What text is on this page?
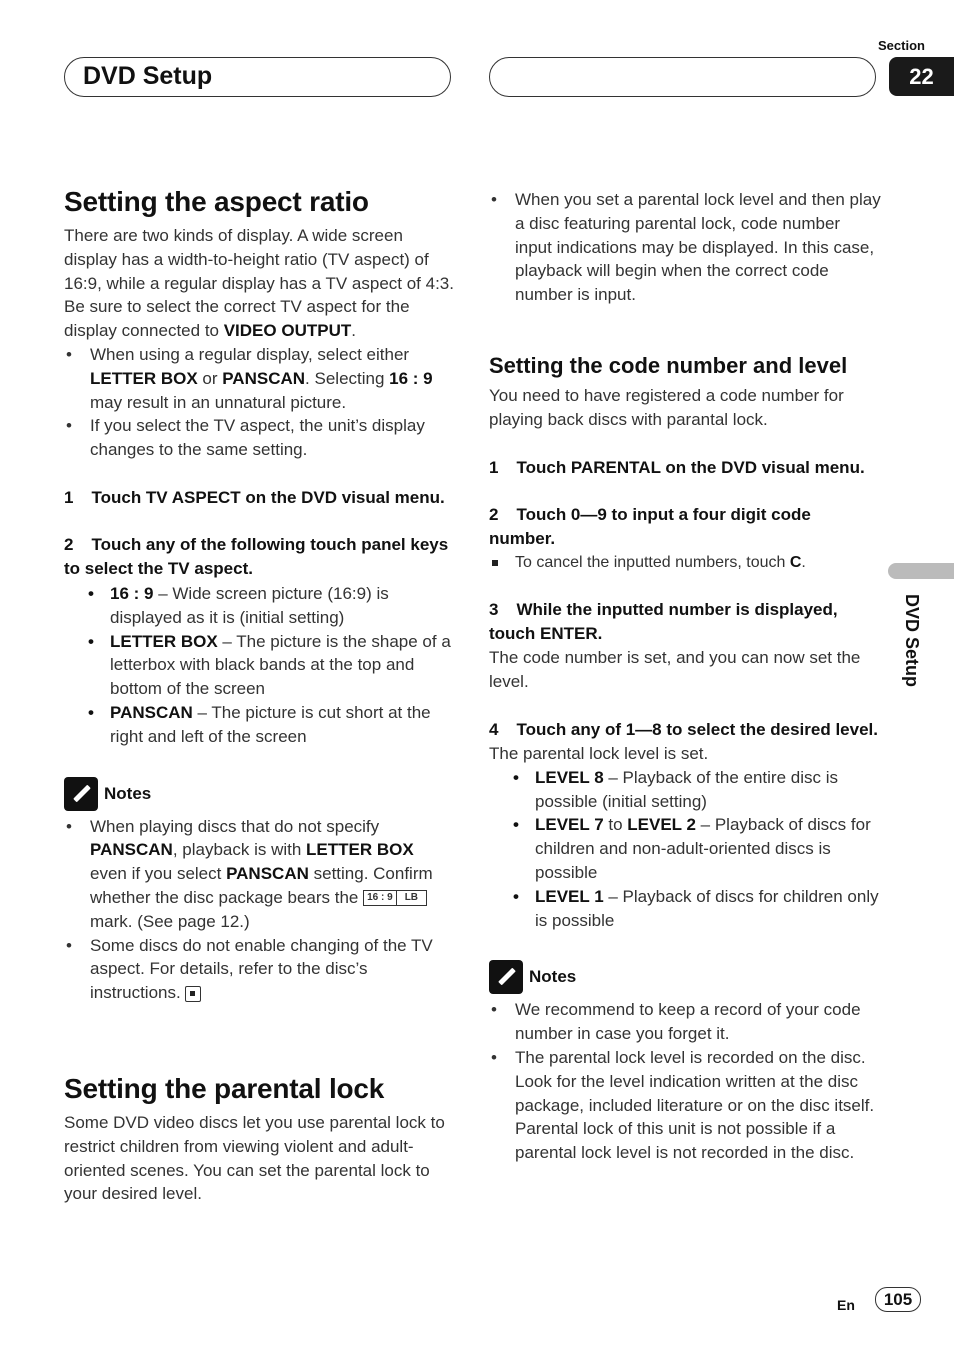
DVD Setup
Section
22
DVD Setup
Setting the aspect ratio

There are two kinds of display. A wide screen display has a width-to-height ratio (TV aspect) of 16:9, while a regular display has a TV aspect of 4:3. Be sure to select the correct TV aspect for the display connected to VIDEO OUTPUT.

• When using a regular display, select either LETTER BOX or PANSCAN. Selecting 16 : 9 may result in an unnatural picture.
• If you select the TV aspect, the unit’s display changes to the same setting.
1 Touch TV ASPECT on the DVD visual menu.
2 Touch any of the following touch panel keys to select the TV aspect.
• 16 : 9 – Wide screen picture (16:9) is displayed as it is (initial setting)
• LETTER BOX – The picture is the shape of a letterbox with black bands at the top and bottom of the screen
• PANSCAN – The picture is cut short at the right and left of the screen
Notes
• When playing discs that do not specify PANSCAN, playback is with LETTER BOX even if you select PANSCAN setting. Confirm whether the disc package bears the 16 : 9	LB
mark. (See page 12.)
• Some discs do not enable changing of the TV aspect. For details, refer to the disc’s instructions.
Setting the parental lock

Some DVD video discs let you use parental lock to restrict children from viewing violent and adult-oriented scenes. You can set the parental lock to your desired level.

• When you set a parental lock level and then play a disc featuring parental lock, code number input indications may be displayed. In this case, playback will begin when the correct code number is input.
Setting the code number and level

You need to have registered a code number for playing back discs with parantal lock.

1 Touch PARENTAL on the DVD visual menu.
2 Touch 0—9 to input a four digit code number.
To cancel the inputted numbers, touch C.
3 While the inputted number is displayed, touch ENTER.

The code number is set, and you can now set the level.

4 Touch any of 1—8 to select the desired level.

The parental lock level is set.

• LEVEL 8 – Playback of the entire disc is possible (initial setting)
• LEVEL 7 to LEVEL 2 – Playback of discs for children and non-adult-oriented discs is possible
• LEVEL 1 – Playback of discs for children only is possible
Notes
• We recommend to keep a record of your code number in case you forget it.
• The parental lock level is recorded on the disc. Look for the level indication written at the disc package, included literature or on the disc itself. Parental lock of this unit is not possible if a parental lock level is not recorded in the disc.
En	105
